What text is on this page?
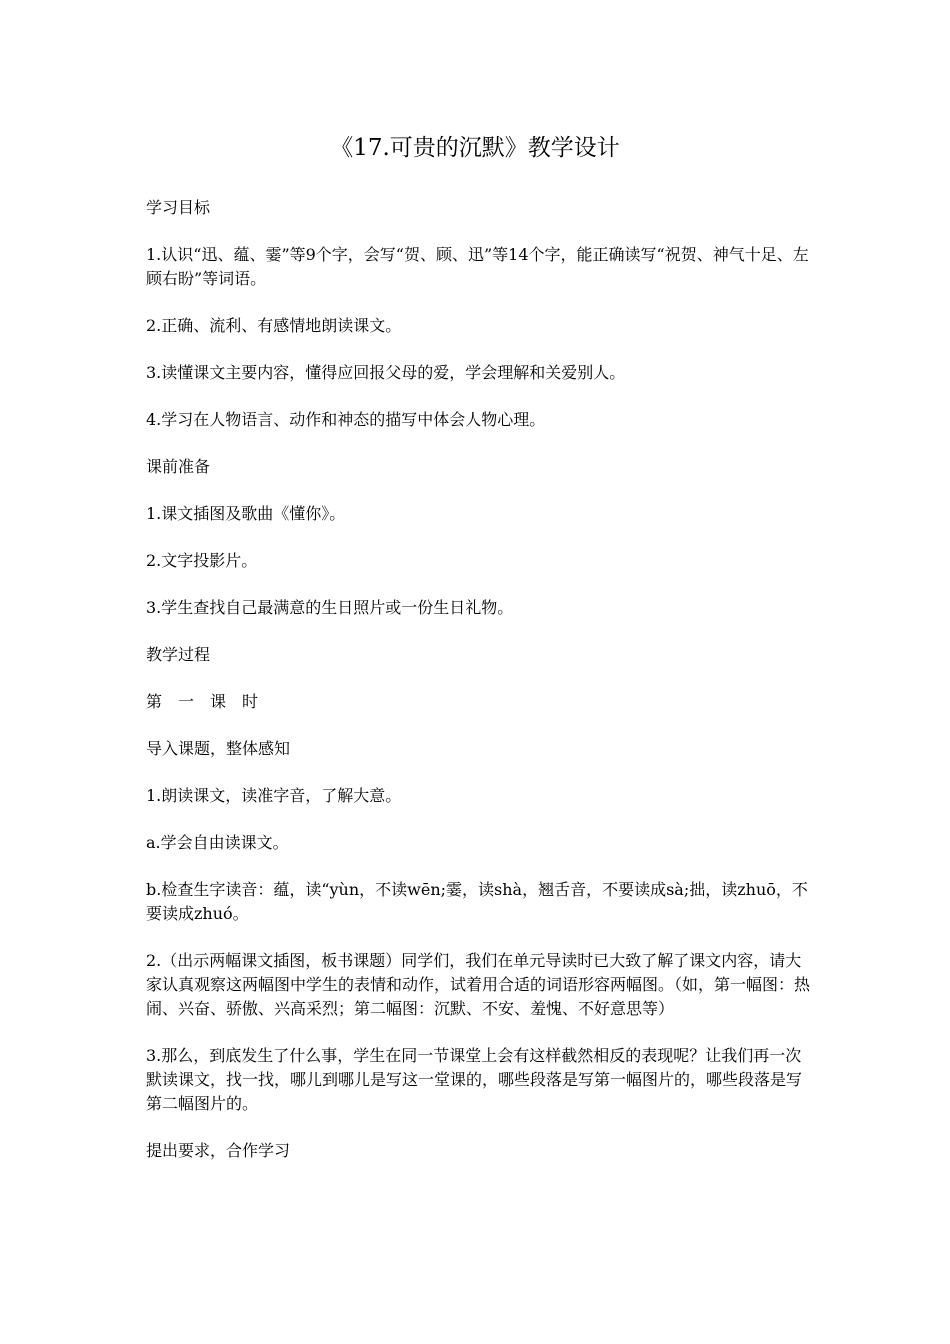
《17.可贵的沉默》教学设计

学习目标

1.认识“迅、蕴、霎”等9个字，会写“贺、顾、迅”等14个字，能正确读写“祝贺、神气十足、左顾右盼”等词语。

2.正确、流利、有感情地朗读课文。

3.读懂课文主要内容，懂得应回报父母的爱，学会理解和关爱别人。

4.学习在人物语言、动作和神态的描写中体会人物心理。

课前准备

1.课文插图及歌曲《懂你》。

2.文字投影片。

3.学生查找自己最满意的生日照片或一份生日礼物。

教学过程

第　一　课　时

导入课题，整体感知

1.朗读课文，读准字音，了解大意。

a.学会自由读课文。

b.检查生字读音：蕴，读“yùn，不读wēn;霎，读shà，翘舌音，不要读成sà;拙，读zhuō，不要读成zhuó。

2.（出示两幅课文插图，板书课题）同学们，我们在单元导读时已大致了解了课文内容，请大家认真观察这两幅图中学生的表情和动作，试着用合适的词语形容两幅图。（如，第一幅图：热闹、兴奋、骄傲、兴高采烈；第二幅图：沉默、不安、羞愧、不好意思等）

3.那么，到底发生了什么事，学生在同一节课堂上会有这样截然相反的表现呢？让我们再一次默读课文，找一找，哪儿到哪儿是写这一堂课的，哪些段落是写第一幅图片的，哪些段落是写第二幅图片的。

提出要求，合作学习
